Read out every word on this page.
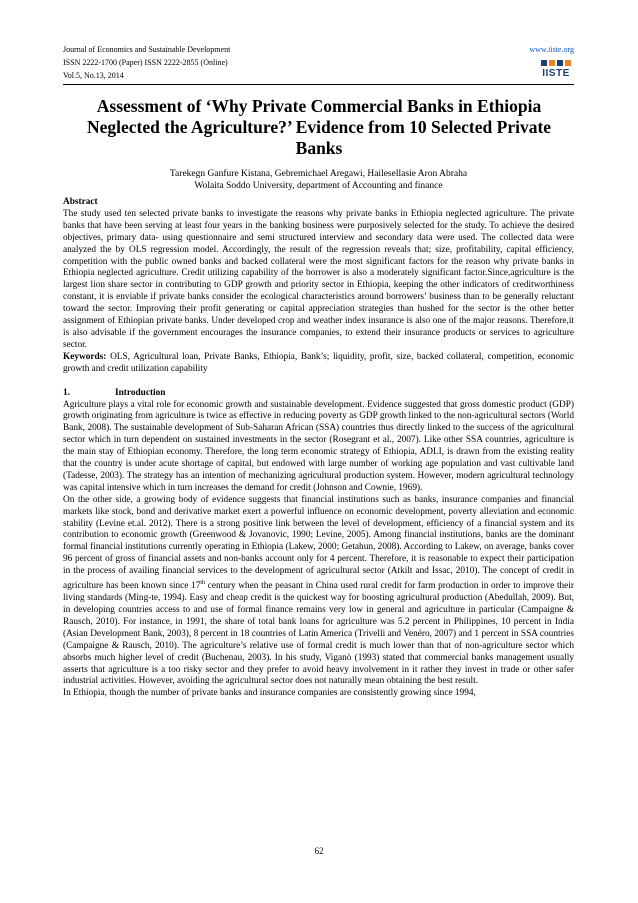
Journal of Economics and Sustainable Development
ISSN 2222-1700 (Paper) ISSN 2222-2855 (Online)
Vol.5, No.13, 2014
www.iiste.org
IISTE
Assessment of ‘Why Private Commercial Banks in Ethiopia Neglected the Agriculture?’ Evidence from 10 Selected Private Banks
Tarekegn Ganfure Kistana, Gebremichael Aregawi, Hailesellasie Aron Abraha
Wolaita Soddo University, department of Accounting and finance

Abstract

The study used ten selected private banks to investigate the reasons why private banks in Ethiopia neglected agriculture. The private banks that have been serving at least four years in the banking business were purposively selected for the study. To achieve the desired objectives, primary data- using questionnaire and semi structured interview and secondary data were used. The collected data were analyzed the by OLS regression model. Accordingly, the result of the regression reveals that; size, profitability, capital efficiency, competition with the public owned banks and backed collateral were the most significant factors for the reason why private banks in Ethiopia neglected agriculture. Credit utilizing capability of the borrower is also a moderately significant factor.Since,agriculture is the largest lion share sector in contributing to GDP growth and priority sector in Ethiopia, keeping the other indicators of creditworthiness constant, it is enviable if private banks consider the ecological characteristics around borrowers’ business than to be generally reluctant toward the sector. Improving their profit generating or capital appreciation strategies than hushed for the sector is the other better assignment of Ethiopian private banks. Under developed crop and weather index insurance is also one of the major reasons. Therefore,it is also advisable if the government encourages the insurance companies, to extend their insurance products or services to agriculture sector.

Keywords: OLS, Agricultural loan, Private Banks, Ethiopia, Bank’s; liquidity, profit, size, backed collateral, competition, economic growth and credit utilization capability

1.	Introduction

Agriculture plays a vital role for economic growth and sustainable development. Evidence suggested that gross domestic product (GDP) growth originating from agriculture is twice as effective in reducing poverty as GDP growth linked to the non-agricultural sectors (World Bank, 2008). The sustainable development of Sub-Saharan African (SSA) countries thus directly linked to the success of the agricultural sector which in turn dependent on sustained investments in the sector (Rosegrant et al., 2007). Like other SSA countries, agriculture is the main stay of Ethiopian economy. Therefore, the long term economic strategy of Ethiopia, ADLI, is drawn from the existing reality that the country is under acute shortage of capital, but endowed with large number of working age population and vast cultivable land (Tadesse, 2003). The strategy has an intention of mechanizing agricultural production system. However, modern agricultural technology was capital intensive which in turn increases the demand for credit (Johnson and Cownie, 1969).

On the other side, a growing body of evidence suggests that financial institutions such as banks, insurance companies and financial markets like stock, bond and derivative market exert a powerful influence on economic development, poverty alleviation and economic stability (Levine et.al. 2012). There is a strong positive link between the level of development, efficiency of a financial system and its contribution to economic growth (Greenwood & Jovanovic, 1990; Levine, 2005). Among financial institutions, banks are the dominant formal financial institutions currently operating in Ethiopia (Lakew, 2000; Getahun, 2008). According to Lakew, on average, banks cover 96 percent of gross of financial assets and non-banks account only for 4 percent. Therefore, it is reasonable to expect their participation in the process of availing financial services to the development of agricultural sector (Atkilt and Issac, 2010). The concept of credit in agriculture has been known since 17th century when the peasant in China used rural credit for farm production in order to improve their living standards (Ming-te, 1994). Easy and cheap credit is the quickest way for boosting agricultural production (Abedullah, 2009). But, in developing countries access to and use of formal finance remains very low in general and agriculture in particular (Campaigne & Rausch, 2010). For instance, in 1991, the share of total bank loans for agriculture was 5.2 percent in Philippines, 10 percent in India (Asian Development Bank, 2003), 8 percent in 18 countries of Latin America (Trivelli and Venéro, 2007) and 1 percent in SSA countries (Campaigne & Rausch, 2010). The agriculture’s relative use of formal credit is much lower than that of non-agriculture sector which absorbs much higher level of credit (Buchenau, 2003). In his study, Viganò (1993) stated that commercial banks management usually asserts that agriculture is a too risky sector and they prefer to avoid heavy involvement in it rather they invest in trade or other safer industrial activities. However, avoiding the agricultural sector does not naturally mean obtaining the best result.

In Ethiopia, though the number of private banks and insurance companies are consistently growing since 1994,

62
